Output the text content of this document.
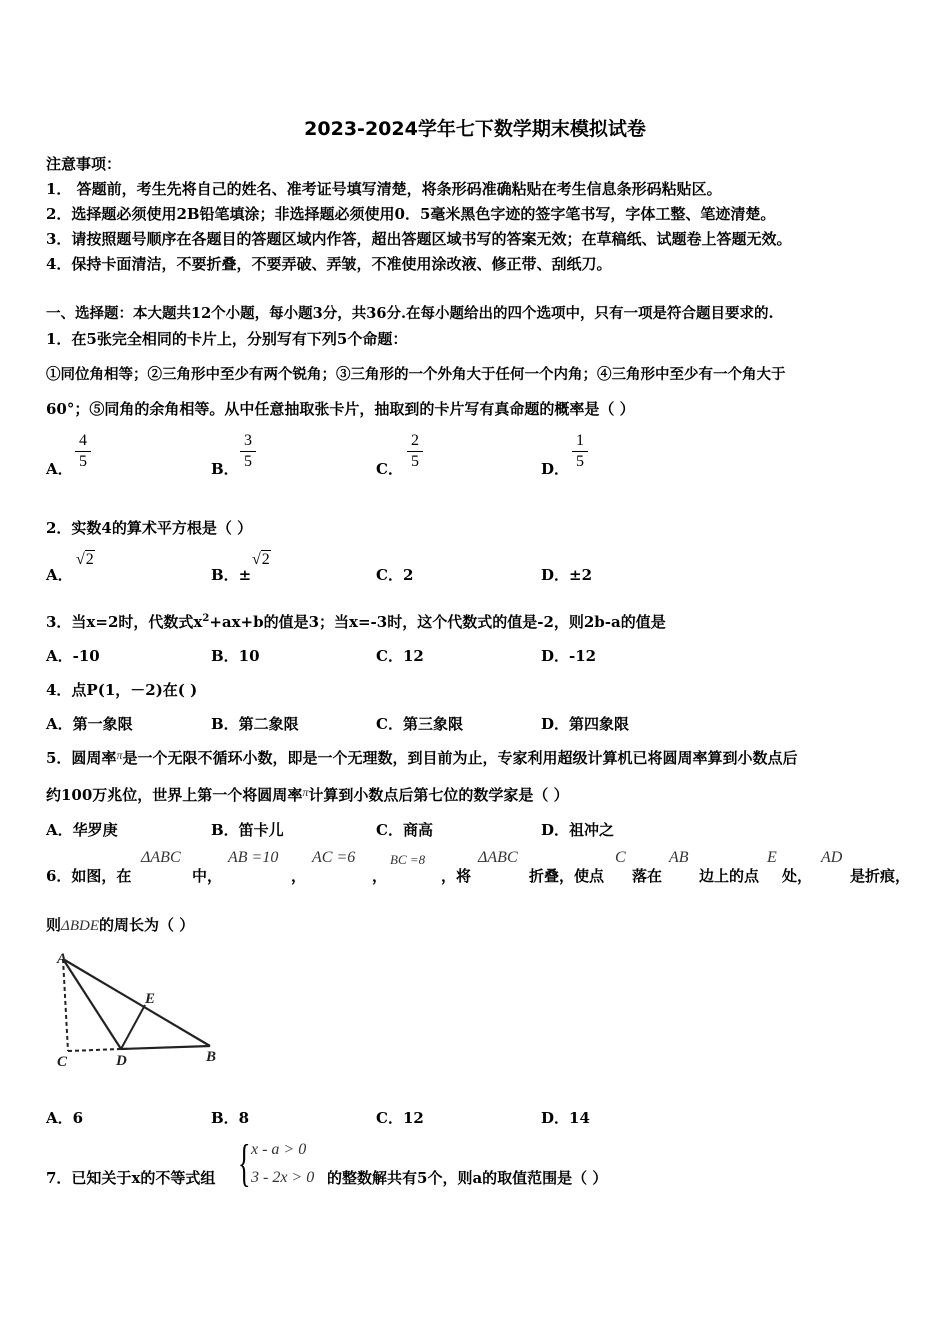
2023-2024学年七下数学期末模拟试卷
注意事项：
1． 答题前，考生先将自己的姓名、准考证号填写清楚，将条形码准确粘贴在考生信息条形码粘贴区。
2．选择题必须使用2B铅笔填涂；非选择题必须使用0．5毫米黑色字迹的签字笔书写，字体工整、笔迹清楚。
3．请按照题号顺序在各题目的答题区域内作答，超出答题区域书写的答案无效；在草稿纸、试题卷上答题无效。
4．保持卡面清洁，不要折叠，不要弄破、弄皱，不准使用涂改液、修正带、刮纸刀。
一、选择题：本大题共12个小题，每小题3分，共36分.在每小题给出的四个选项中，只有一项是符合题目要求的.
1．在5张完全相同的卡片上，分别写有下列5个命题：
①同位角相等；②三角形中至少有两个锐角；③三角形的一个外角大于任何一个内角；④三角形中至少有一个角大于
60°；⑤同角的余角相等。从中任意抽取张卡片，抽取到的卡片写有真命题的概率是（ ）
A．
4
5	B．
3
5	C．
2
5	D．
1
5
2．实数4的算术平方根是（ ）
A．
√2
B．±
√2
C．2	D．±2
3．当x=2时，代数式$x^2+ax+b$的值是3；当x=-3时，这个代数式的值是-2，则2b-a的值是
A．-10	B．10	C．12	D．-12
4．点P(1，－2)在( )
A．第一象限	B．第二象限	C．第三象限	D．第四象限
5．圆周率$^\pi$是一个无限不循环小数，即是一个无理数，到目前为止，专家利用超级计算机已将圆周率算到小数点后
约100万兆位，世界上第一个将圆周率$^\pi$计算到小数点后第七位的数学家是（ ）
A．华罗庚	B．笛卡儿	C．商高	D．祖冲之
6．如图，在
ΔABC
中，
AB =10
，
AC =6
，
BC =8
，将
ΔABC
折叠，使点
C
落在
AB
边上的点
E
处，
AD
是折痕，
则ΔBDE的周长为（ ）
A
E
C	D	B
A．6	B．8	C．12	D．14
7．已知关于x的不等式组 { x - a > 0
3 - 2x > 0 的整数解共有5个，则a的取值范围是（ ）
